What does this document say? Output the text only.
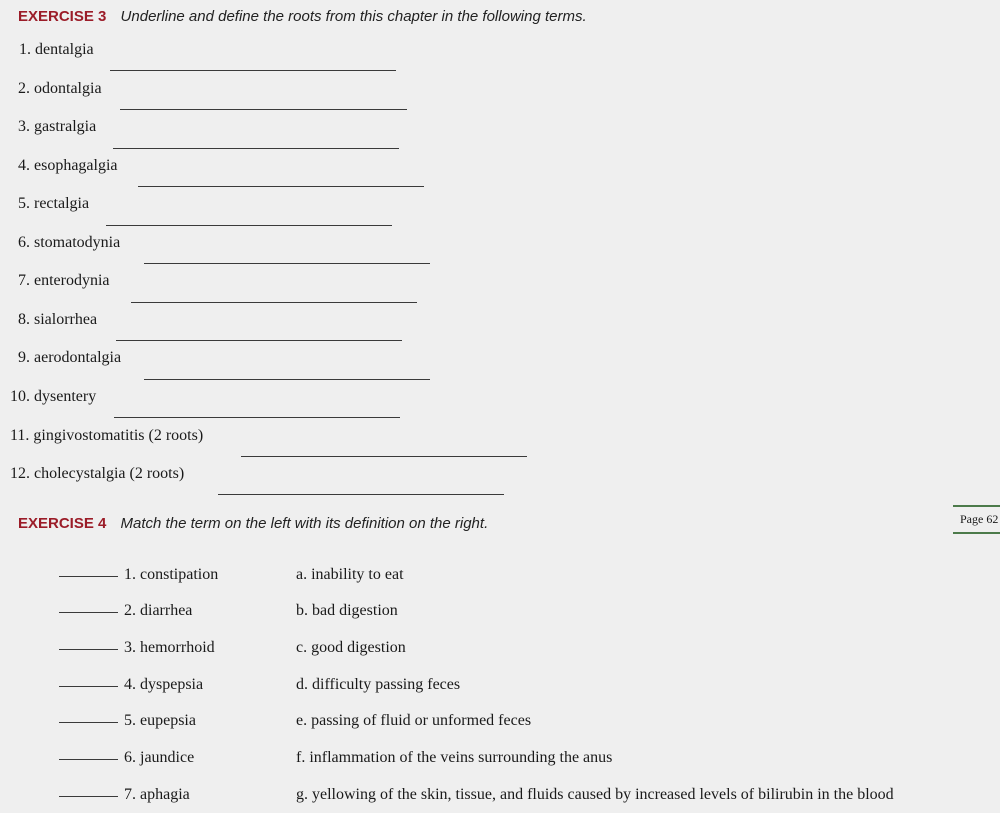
EXERCISE 3 Underline and define the roots from this chapter in the following terms.
1. dentalgia
2. odontalgia
3. gastralgia
4. esophagalgia
5. rectalgia
6. stomatodynia
7. enterodynia
8. sialorrhea
9. aerodontalgia
10. dysentery
11. gingivostomatitis (2 roots)
12. cholecystalgia (2 roots)
Page 62
EXERCISE 4 Match the term on the left with its definition on the right.
1. constipation	a. inability to eat
2. diarrhea	b. bad digestion
3. hemorrhoid	c. good digestion
4. dyspepsia	d. difficulty passing feces
5. eupepsia	e. passing of fluid or unformed feces
6. jaundice	f. inflammation of the veins surrounding the anus
7. aphagia	g. yellowing of the skin, tissue, and fluids caused by increased levels of bilirubin in the blood
